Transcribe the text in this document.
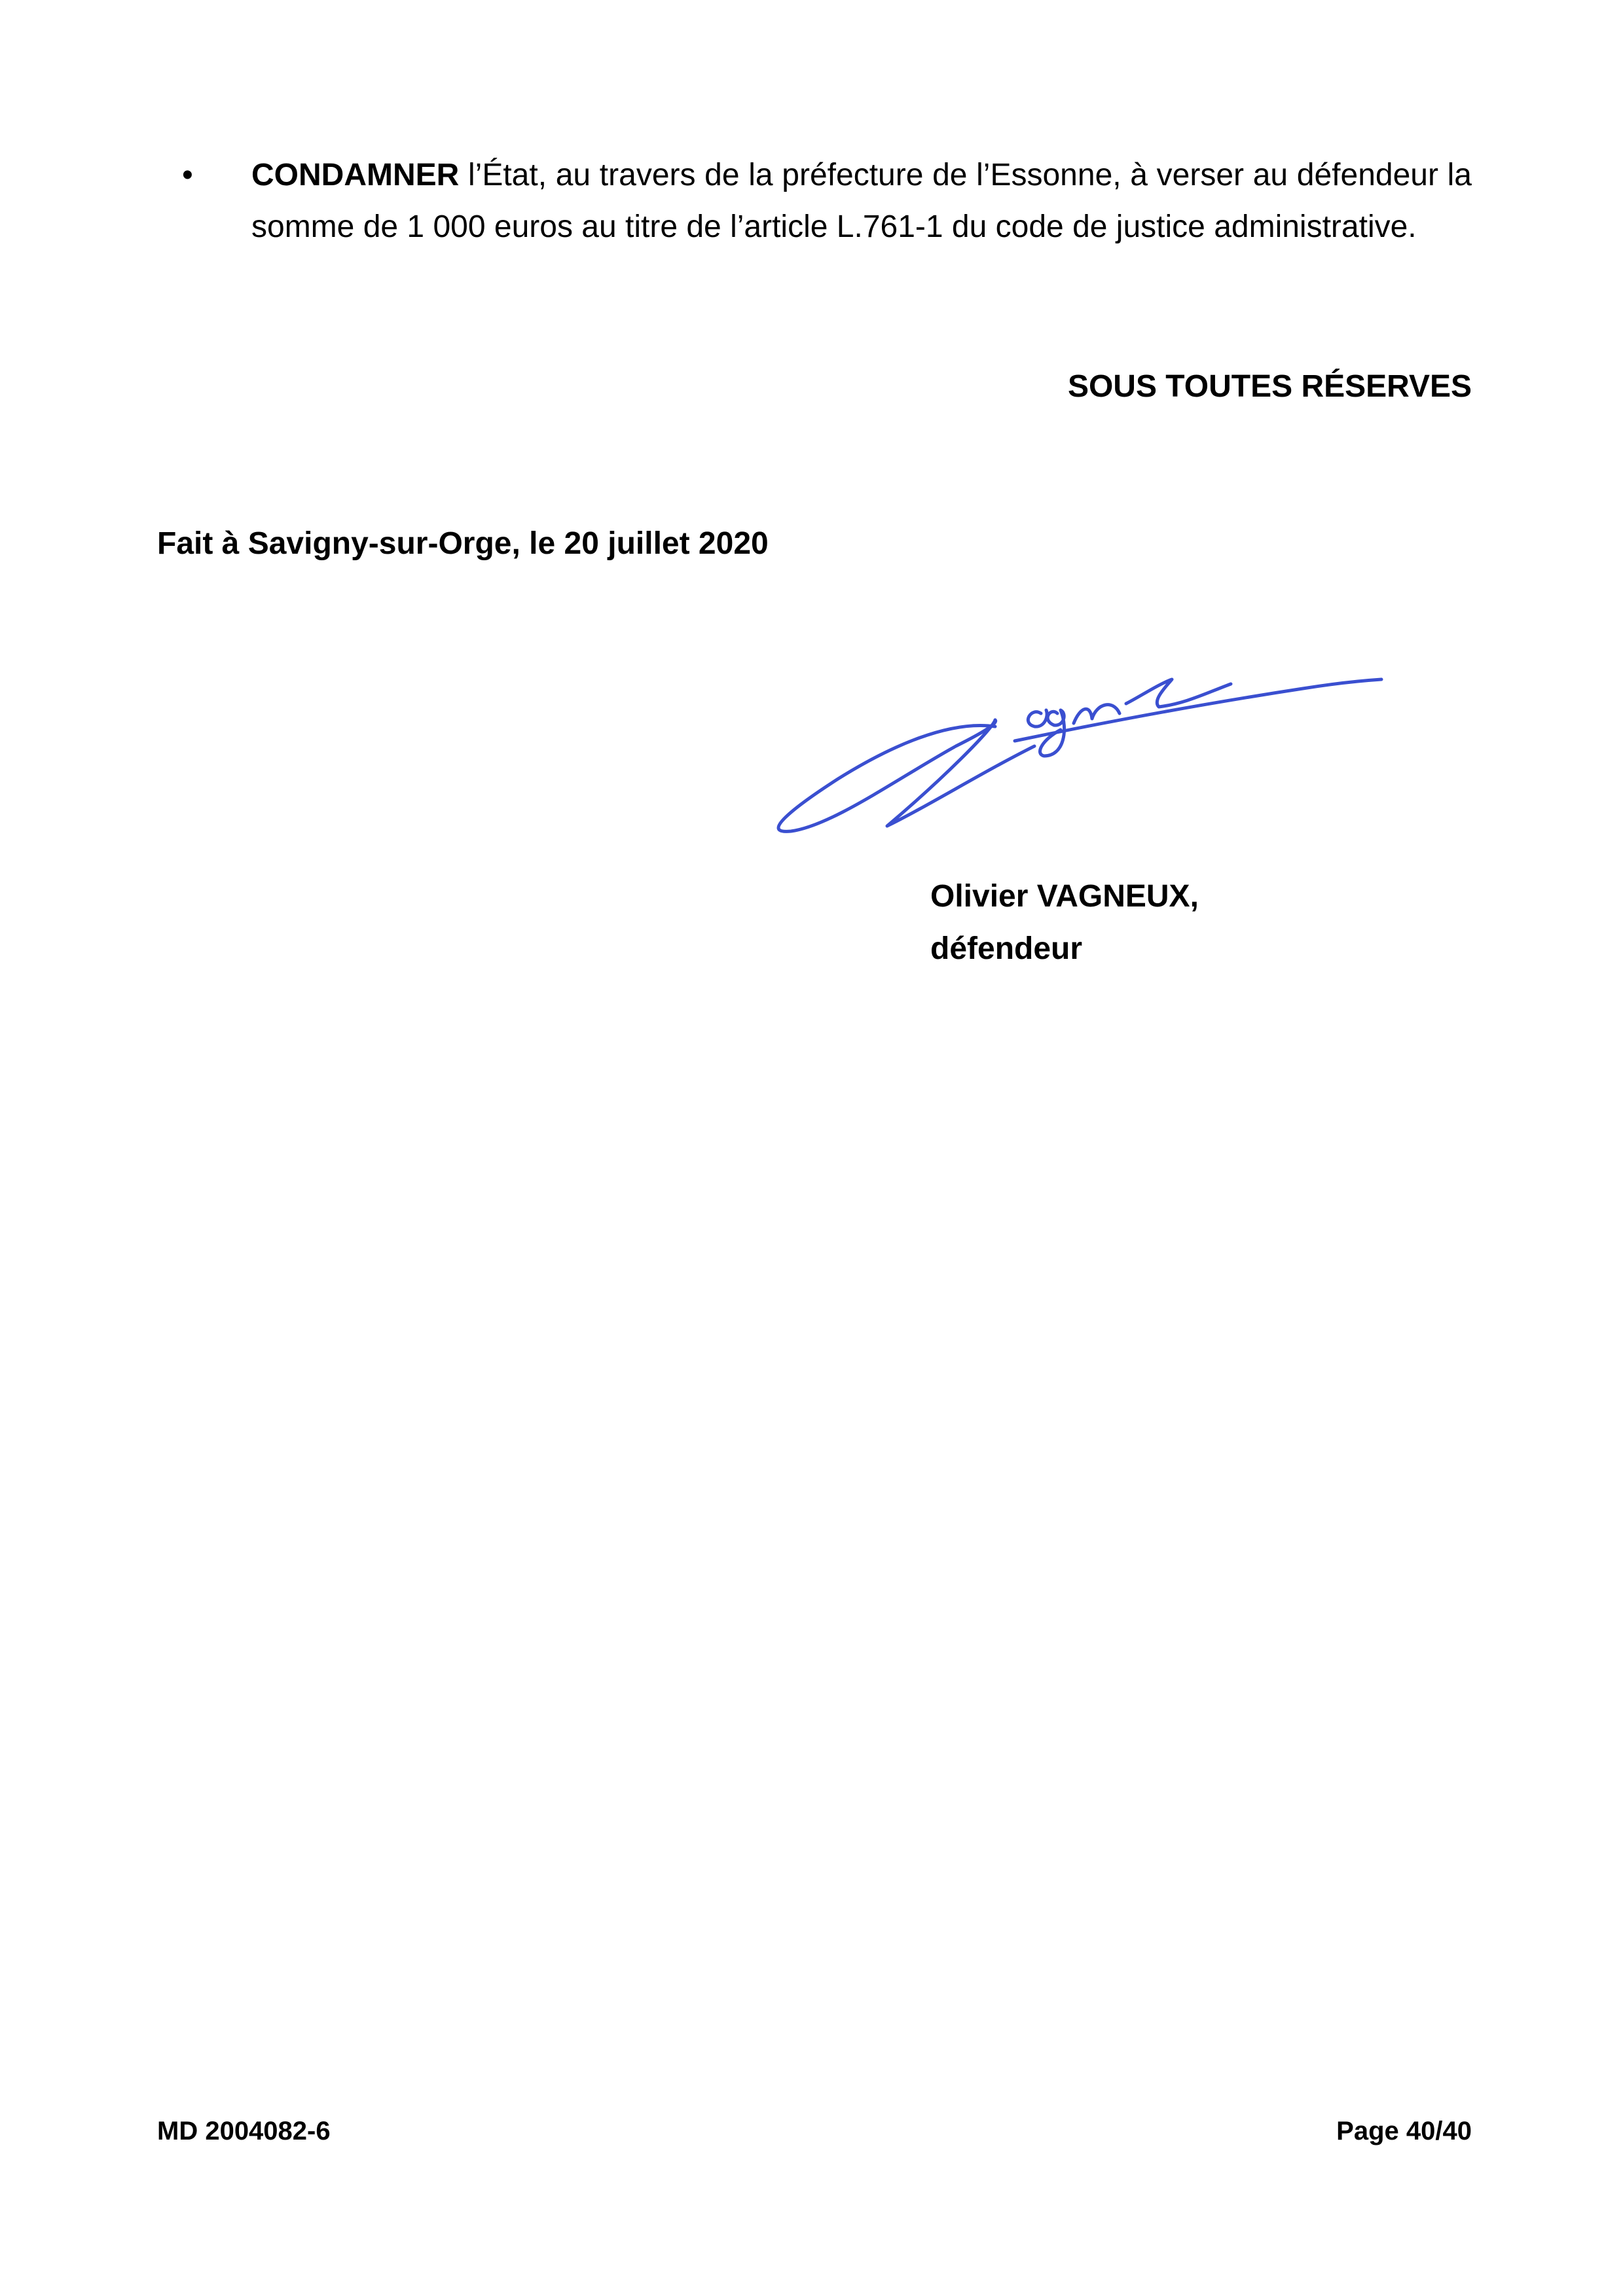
• CONDAMNER l’État, au travers de la préfecture de l’Essonne, à verser au défendeur la somme de 1 000 euros au titre de l’article L.761-1 du code de justice administrative.
SOUS TOUTES RÉSERVES
Fait à Savigny-sur-Orge, le 20 juillet 2020
Olivier VAGNEUX,
défendeur
MD 2004082-6	Page 40/40
